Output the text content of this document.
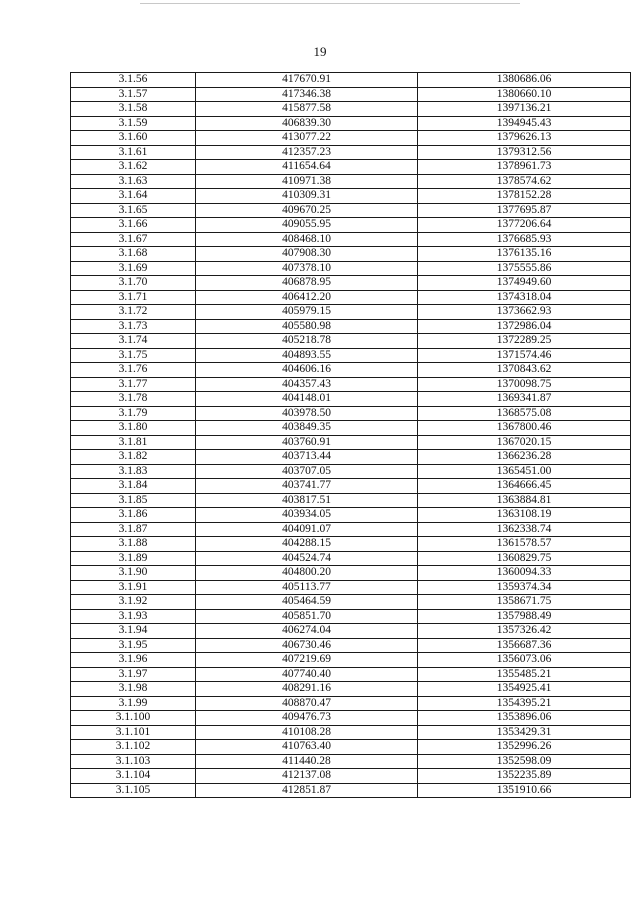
19
3.1.56	417670.91	1380686.06
3.1.57	417346.38	1380660.10
3.1.58	415877.58	1397136.21
3.1.59	406839.30	1394945.43
3.1.60	413077.22	1379626.13
3.1.61	412357.23	1379312.56
3.1.62	411654.64	1378961.73
3.1.63	410971.38	1378574.62
3.1.64	410309.31	1378152.28
3.1.65	409670.25	1377695.87
3.1.66	409055.95	1377206.64
3.1.67	408468.10	1376685.93
3.1.68	407908.30	1376135.16
3.1.69	407378.10	1375555.86
3.1.70	406878.95	1374949.60
3.1.71	406412.20	1374318.04
3.1.72	405979.15	1373662.93
3.1.73	405580.98	1372986.04
3.1.74	405218.78	1372289.25
3.1.75	404893.55	1371574.46
3.1.76	404606.16	1370843.62
3.1.77	404357.43	1370098.75
3.1.78	404148.01	1369341.87
3.1.79	403978.50	1368575.08
3.1.80	403849.35	1367800.46
3.1.81	403760.91	1367020.15
3.1.82	403713.44	1366236.28
3.1.83	403707.05	1365451.00
3.1.84	403741.77	1364666.45
3.1.85	403817.51	1363884.81
3.1.86	403934.05	1363108.19
3.1.87	404091.07	1362338.74
3.1.88	404288.15	1361578.57
3.1.89	404524.74	1360829.75
3.1.90	404800.20	1360094.33
3.1.91	405113.77	1359374.34
3.1.92	405464.59	1358671.75
3.1.93	405851.70	1357988.49
3.1.94	406274.04	1357326.42
3.1.95	406730.46	1356687.36
3.1.96	407219.69	1356073.06
3.1.97	407740.40	1355485.21
3.1.98	408291.16	1354925.41
3.1.99	408870.47	1354395.21
3.1.100	409476.73	1353896.06
3.1.101	410108.28	1353429.31
3.1.102	410763.40	1352996.26
3.1.103	411440.28	1352598.09
3.1.104	412137.08	1352235.89
3.1.105	412851.87	1351910.66
